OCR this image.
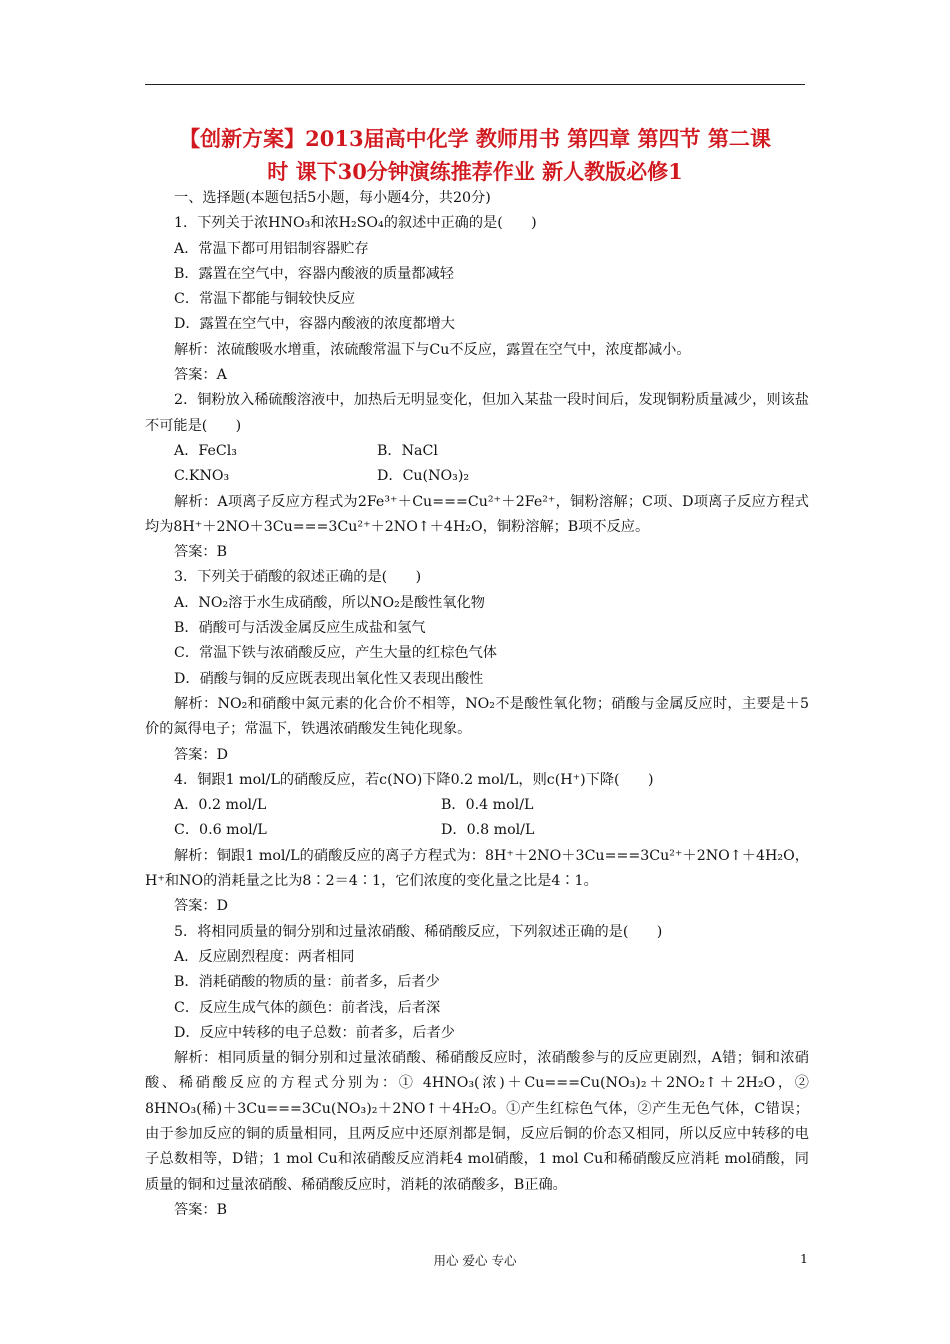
【创新方案】2013届高中化学 教师用书 第四章 第四节 第二课
时 课下30分钟演练推荐作业 新人教版必修1

一、选择题(本题包括5小题，每小题4分，共20分)

1．下列关于浓HNO₃和浓H₂SO₄的叙述中正确的是(　　)

A．常温下都可用铝制容器贮存

B．露置在空气中，容器内酸液的质量都减轻

C．常温下都能与铜较快反应

D．露置在空气中，容器内酸液的浓度都增大

解析：浓硫酸吸水增重，浓硫酸常温下与Cu不反应，露置在空气中，浓度都减小。

答案：A

2．铜粉放入稀硫酸溶液中，加热后无明显变化，但加入某盐一段时间后，发现铜粉质量减少，则该盐不可能是(　　)

A．FeCl₃	B．NaCl
C.KNO₃	D．Cu(NO₃)₂

解析：A项离子反应方程式为2Fe³⁺＋Cu===Cu²⁺＋2Fe²⁺，铜粉溶解；C项、D项离子反应方程式均为8H⁺＋2NO＋3Cu===3Cu²⁺＋2NO↑＋4H₂O，铜粉溶解；B项不反应。

答案：B

3．下列关于硝酸的叙述正确的是(　　)

A．NO₂溶于水生成硝酸，所以NO₂是酸性氧化物

B．硝酸可与活泼金属反应生成盐和氢气

C．常温下铁与浓硝酸反应，产生大量的红棕色气体

D．硝酸与铜的反应既表现出氧化性又表现出酸性

解析：NO₂和硝酸中氮元素的化合价不相等，NO₂不是酸性氧化物；硝酸与金属反应时，主要是＋5价的氮得电子；常温下，铁遇浓硝酸发生钝化现象。

答案：D

4．铜跟1 mol/L的硝酸反应，若c(NO)下降0.2 mol/L，则c(H⁺)下降(　　)

A．0.2 mol/L	B．0.4 mol/L
C．0.6 mol/L	D．0.8 mol/L

解析：铜跟1 mol/L的硝酸反应的离子方程式为：8H⁺＋2NO＋3Cu===3Cu²⁺＋2NO↑＋4H₂O，H⁺和NO的消耗量之比为8∶2＝4∶1，它们浓度的变化量之比是4∶1。

答案：D

5．将相同质量的铜分别和过量浓硝酸、稀硝酸反应，下列叙述正确的是(　　)

A．反应剧烈程度：两者相同

B．消耗硝酸的物质的量：前者多，后者少

C．反应生成气体的颜色：前者浅，后者深

D．反应中转移的电子总数：前者多，后者少

解析：相同质量的铜分别和过量浓硝酸、稀硝酸反应时，浓硝酸参与的反应更剧烈，A错；铜和浓硝酸、稀硝酸反应的方程式分别为：① 4HNO₃(浓)＋Cu===Cu(NO₃)₂＋2NO₂↑＋2H₂O，② 8HNO₃(稀)＋3Cu===3Cu(NO₃)₂＋2NO↑＋4H₂O。①产生红棕色气体，②产生无色气体，C错误；由于参加反应的铜的质量相同，且两反应中还原剂都是铜，反应后铜的价态又相同，所以反应中转移的电子总数相等，D错；1 mol Cu和浓硝酸反应消耗4 mol硝酸，1 mol Cu和稀硝酸反应消耗 mol硝酸，同质量的铜和过量浓硝酸、稀硝酸反应时，消耗的浓硝酸多，B正确。

答案：B

用心 爱心 专心	1
